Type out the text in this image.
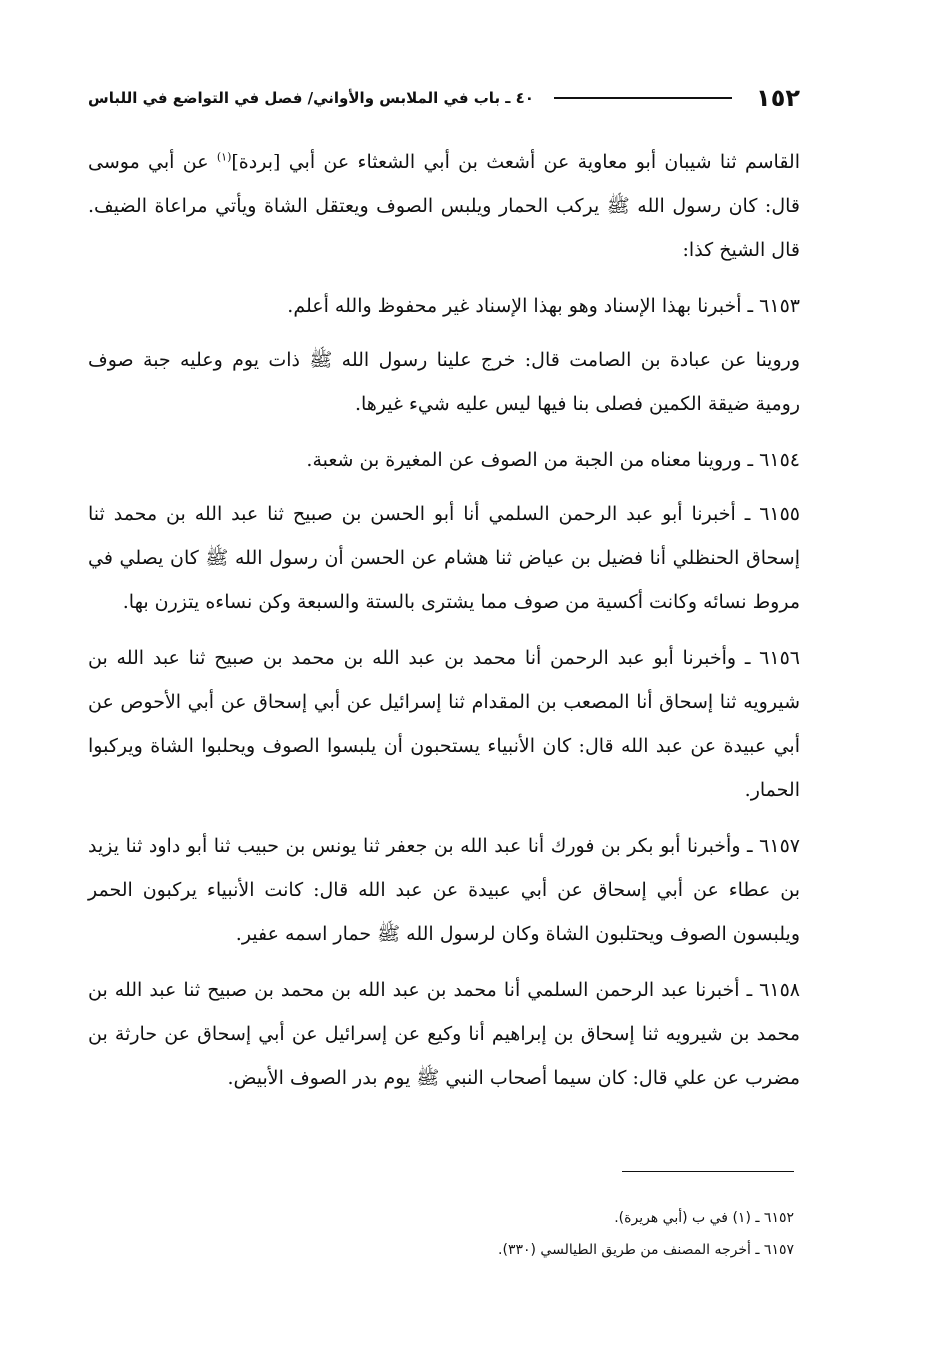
١٥٢
٤٠ ـ باب في الملابس والأواني/ فصل في التواضع في اللباس

القاسم ثنا شيبان أبو معاوية عن أشعث بن أبي الشعثاء عن أبي [بردة]$^{(١)}$ عن أبي موسى قال: كان رسول الله ﷺ يركب الحمار ويلبس الصوف ويعتقل الشاة ويأتي مراعاة الضيف. قال الشيخ كذا:

٦١٥٣ ـ أخبرنا بهذا الإسناد وهو بهذا الإسناد غير محفوظ والله أعلم.

وروينا عن عبادة بن الصامت قال: خرج علينا رسول الله ﷺ ذات يوم وعليه جبة صوف رومية ضيقة الكمين فصلى بنا فيها ليس عليه شيء غيرها.

٦١٥٤ ـ وروينا معناه من الجبة من الصوف عن المغيرة بن شعبة.

٦١٥٥ ـ أخبرنا أبو عبد الرحمن السلمي أنا أبو الحسن بن صبيح ثنا عبد الله بن محمد ثنا إسحاق الحنظلي أنا فضيل بن عياض ثنا هشام عن الحسن أن رسول الله ﷺ كان يصلي في مروط نسائه وكانت أكسية من صوف مما يشترى بالستة والسبعة وكن نساءه يتزرن بها.

٦١٥٦ ـ وأخبرنا أبو عبد الرحمن أنا محمد بن عبد الله بن محمد بن صبيح ثنا عبد الله بن شيرويه ثنا إسحاق أنا المصعب بن المقدام ثنا إسرائيل عن أبي إسحاق عن أبي الأحوص عن أبي عبيدة عن عبد الله قال: كان الأنبياء يستحبون أن يلبسوا الصوف ويحلبوا الشاة ويركبوا الحمار.

٦١٥٧ ـ وأخبرنا أبو بكر بن فورك أنا عبد الله بن جعفر ثنا يونس بن حبيب ثنا أبو داود ثنا يزيد بن عطاء عن أبي إسحاق عن أبي عبيدة عن عبد الله قال: كانت الأنبياء يركبون الحمر ويلبسون الصوف ويحتلبون الشاة وكان لرسول الله ﷺ حمار اسمه عفير.

٦١٥٨ ـ أخبرنا عبد الرحمن السلمي أنا محمد بن عبد الله بن محمد بن صبيح ثنا عبد الله بن محمد بن شيرويه ثنا إسحاق بن إبراهيم أنا وكيع عن إسرائيل عن أبي إسحاق عن حارثة بن مضرب عن علي قال: كان سيما أصحاب النبي ﷺ يوم بدر الصوف الأبيض.

٦١٥٢ ـ (١) في ب (أبي هريرة).

٦١٥٧ ـ أخرجه المصنف من طريق الطيالسي (٣٣٠).
